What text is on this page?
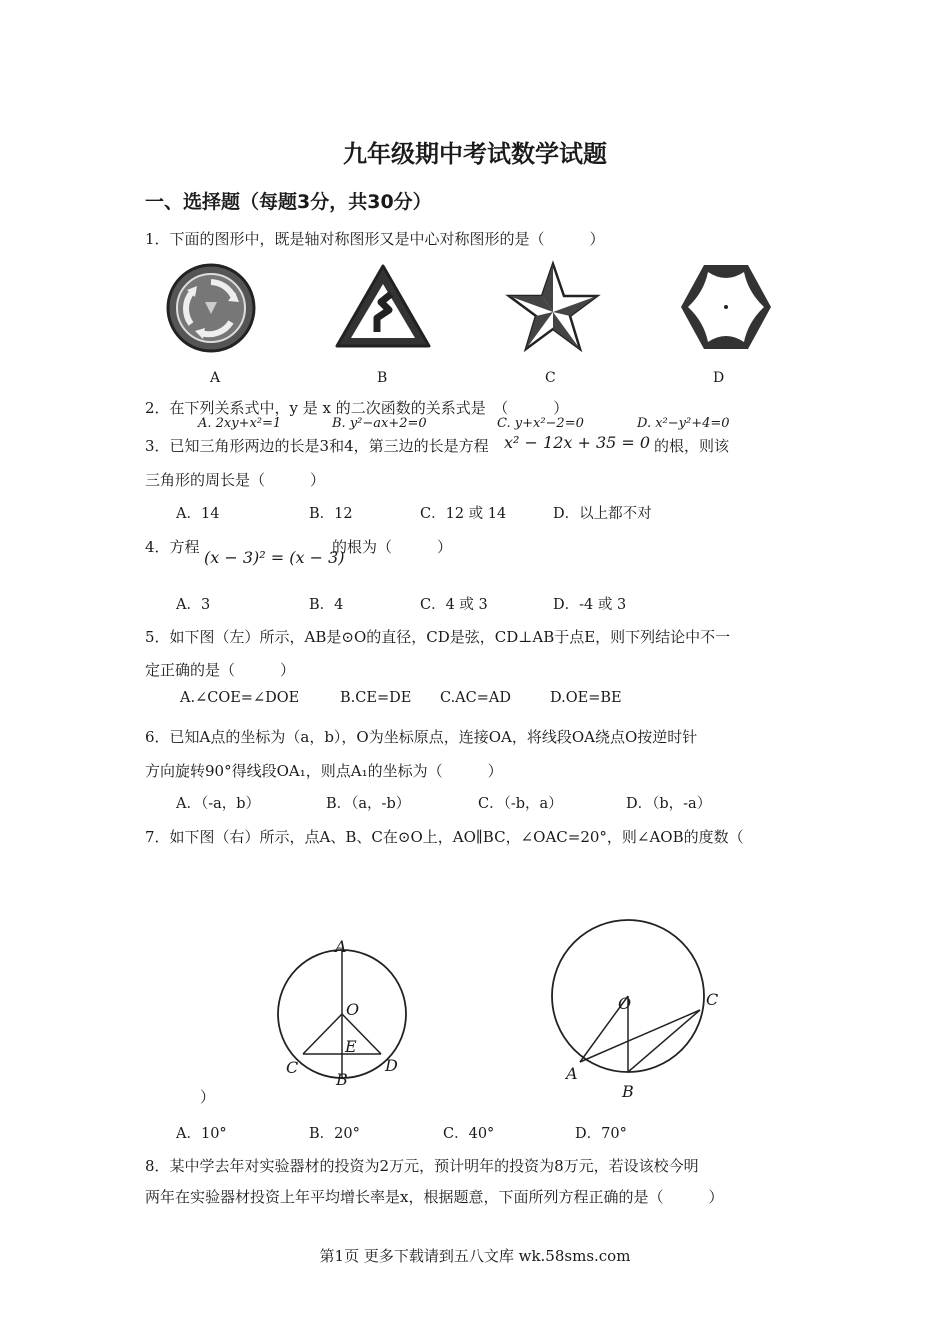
九年级期中考试数学试题
一、选择题（每题3分，共30分）
1．下面的图形中，既是轴对称图形又是中心对称图形的是（　　　）
A	B	C	D
2．在下列关系式中，y 是 x 的二次函数的关系式是　（　　　）
A. 2xy+x²=1	B. y²−ax+2=0	C. y+x²−2=0	D. x²−y²+4=0
3．已知三角形两边的长是3和4，第三边的长是方程 x² − 12x + 35 = 0 的根，则该
三角形的周长是（　　　）
A．14	B．12	C．12 或 14	D．以上都不对
4．方程
(x − 3)² = (x − 3)
的根为（　　　）
A．3	B．4	C．4 或 3	D．-4 或 3
5．如下图（左）所示，AB是⊙O的直径，CD是弦，CD⊥AB于点E，则下列结论中不一
定正确的是（　　　）
A.∠COE=∠DOE	B.CE=DE C.AC=AD	D.OE=BE
6．已知A点的坐标为（a，b），O为坐标原点，连接OA，将线段OA绕点O按逆时针
方向旋转90°得线段OA₁，则点A₁的坐标为（　　　）
A．（-a，b）	B．（a，-b）	C．（-b，a）	D．（b，-a）
7．如下图（右）所示，点A、B、C在⊙O上，AO∥BC，∠OAC=20°，则∠AOB的度数（
A
O
E
C
B
D
O	C
A
B
）
A．10°	B．20°	C．40°	D．70°
8．某中学去年对实验器材的投资为2万元，预计明年的投资为8万元，若设该校今明
两年在实验器材投资上年平均增长率是x，根据题意，下面所列方程正确的是（　　　）
第1页 更多下载请到五八文库 wk.58sms.com
